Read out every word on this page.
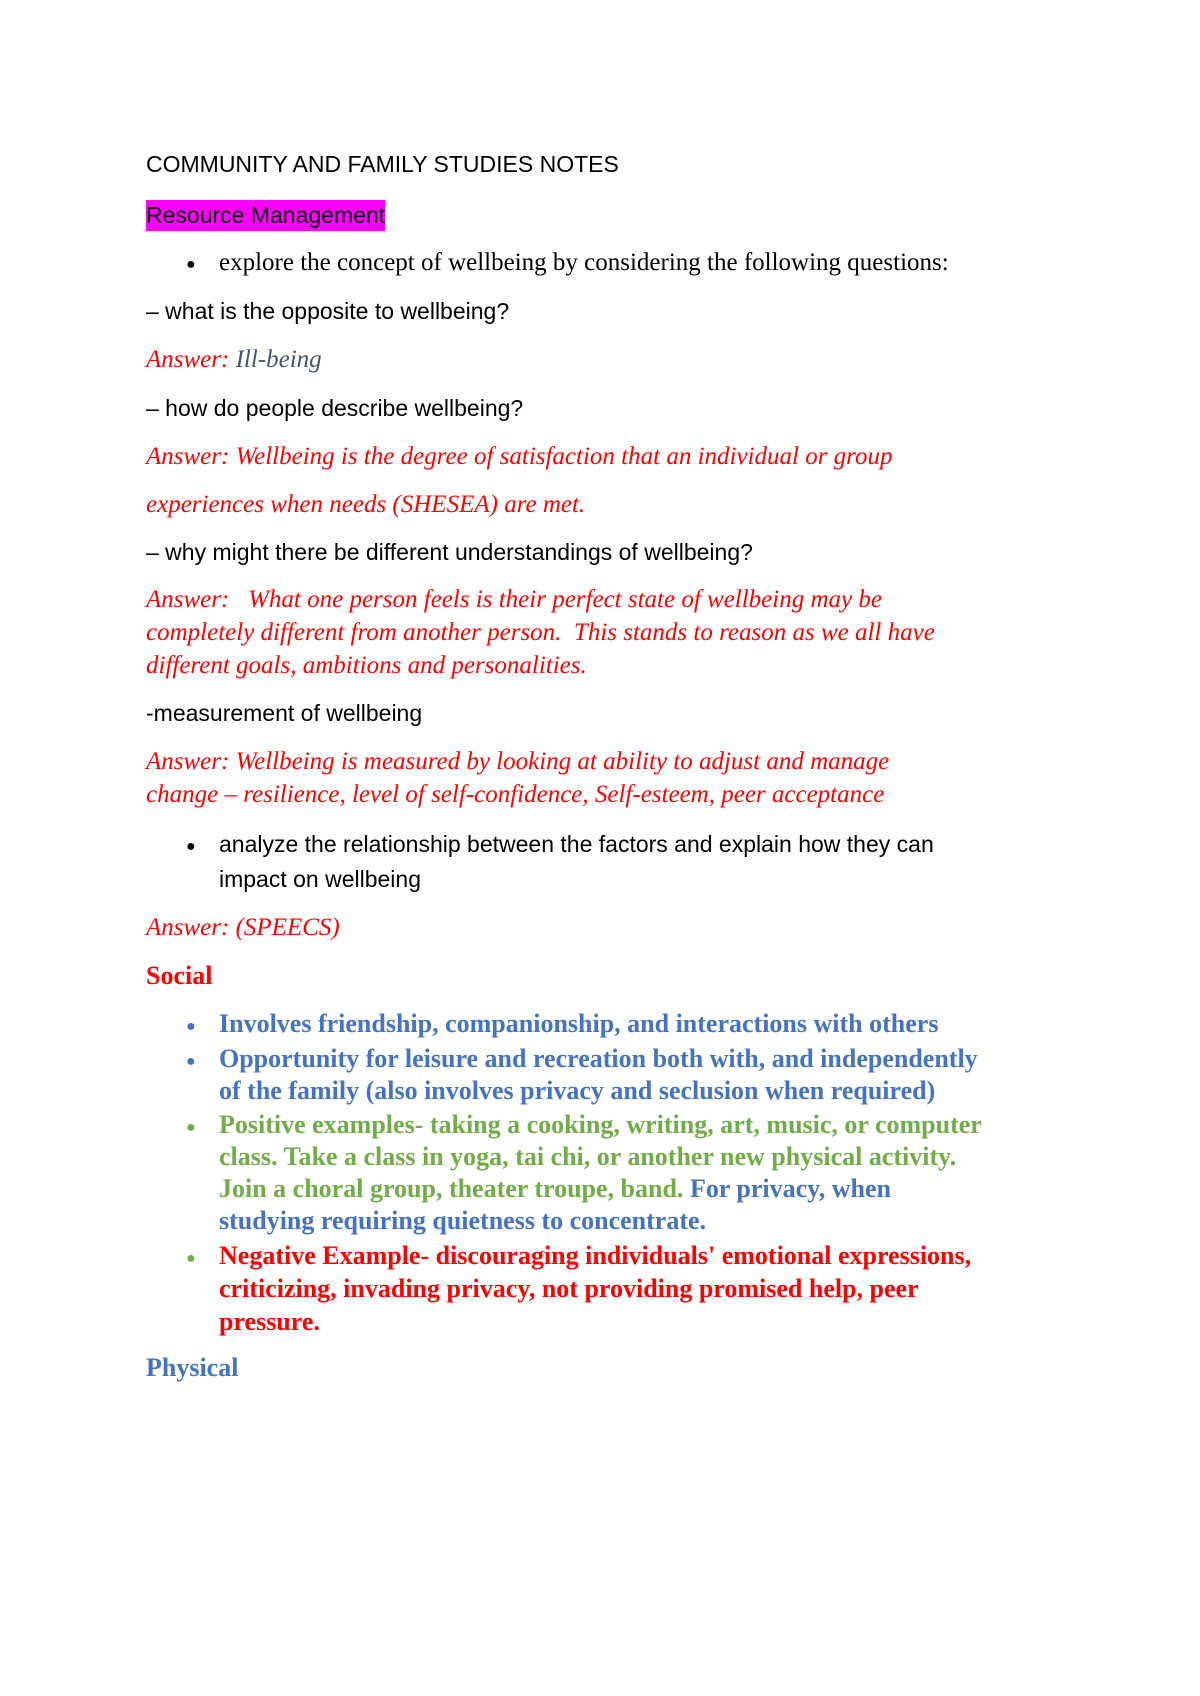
COMMUNITY AND FAMILY STUDIES NOTES
Resource Management
● explore the concept of wellbeing by considering the following questions:
– what is the opposite to wellbeing?
Answer: Ill-being
– how do people describe wellbeing?
Answer: Wellbeing is the degree of satisfaction that an individual or group
experiences when needs (SHESEA) are met.
– why might there be different understandings of wellbeing?
Answer:   What one person feels is their perfect state of wellbeing may be
completely different from another person.  This stands to reason as we all have
different goals, ambitions and personalities.
-measurement of wellbeing
Answer: Wellbeing is measured by looking at ability to adjust and manage
change – resilience, level of self-confidence, Self-esteem, peer acceptance
● analyze the relationship between the factors and explain how they can
impact on wellbeing
Answer: (SPEECS)
Social
● Involves friendship, companionship, and interactions with others
● Opportunity for leisure and recreation both with, and independently
of the family (also involves privacy and seclusion when required)
● Positive examples- taking a cooking, writing, art, music, or computer
class. Take a class in yoga, tai chi, or another new physical activity.
Join a choral group, theater troupe, band. For privacy, when
studying requiring quietness to concentrate.
● Negative Example- discouraging individuals' emotional expressions,
criticizing, invading privacy, not providing promised help, peer
pressure.
Physical
